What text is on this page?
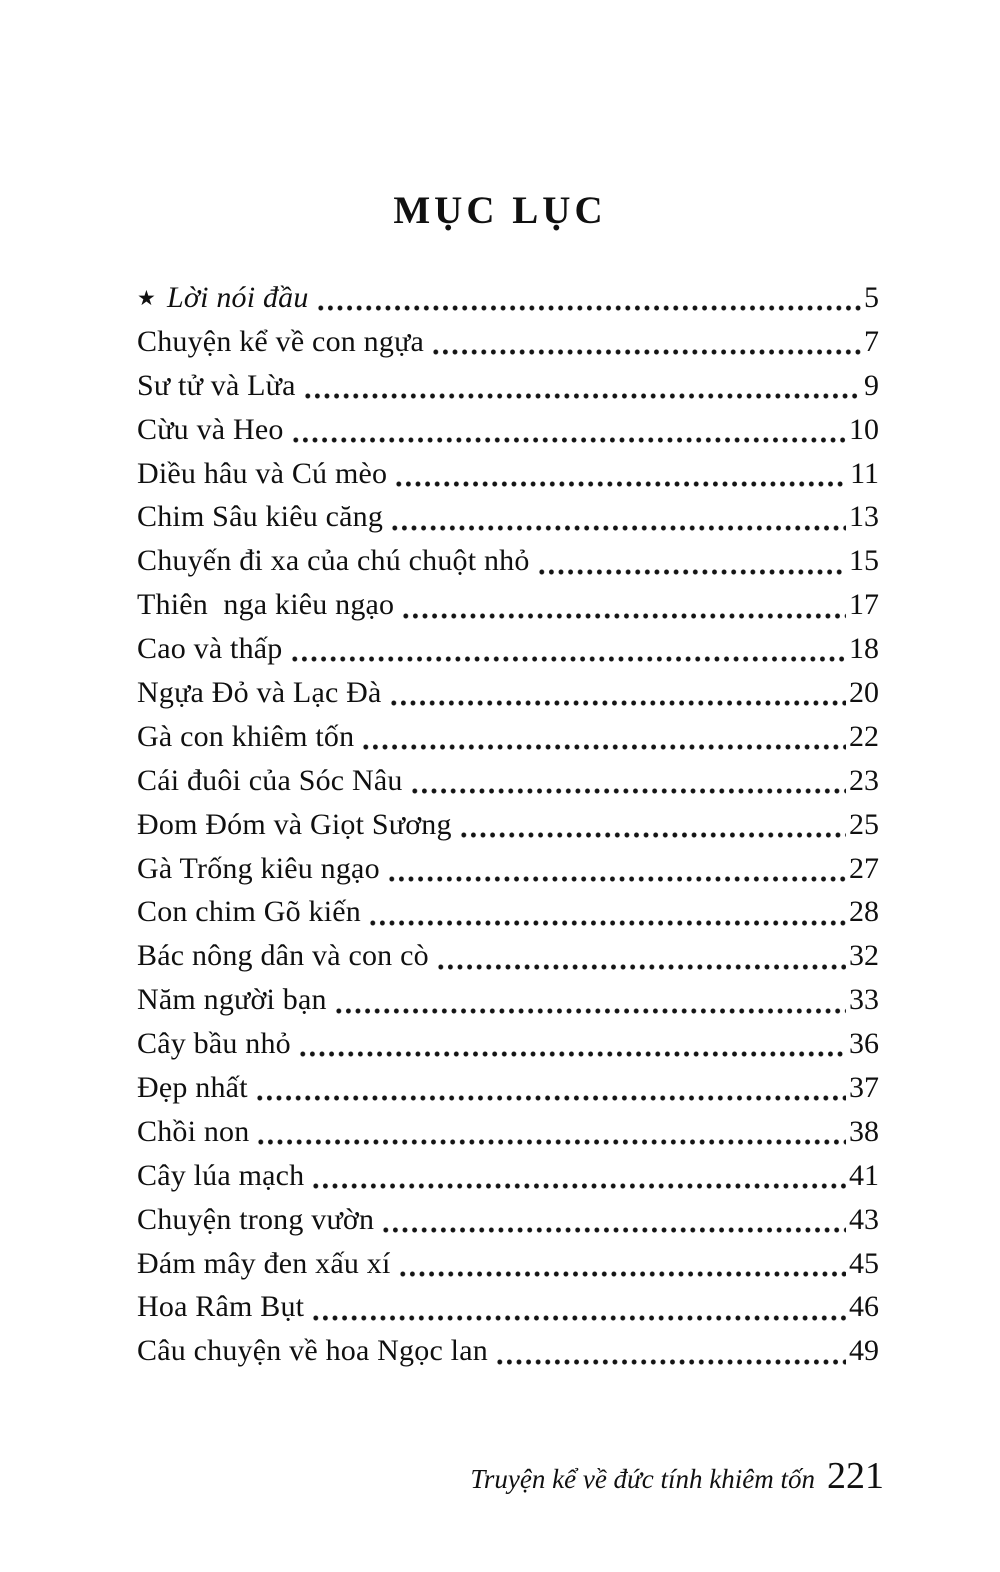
MỤC LỤC
★ Lời nói đầu	5
Chuyện kể về con ngựa	7
Sư tử và Lừa	9
Cừu và Heo	10
Diều hâu và Cú mèo	11
Chim Sâu kiêu căng	13
Chuyến đi xa của chú chuột nhỏ	15
Thiên  nga kiêu ngạo	17
Cao và thấp	18
Ngựa Đỏ và Lạc Đà	20
Gà con khiêm tốn	22
Cái đuôi của Sóc Nâu	23
Đom Đóm và Giọt Sương	25
Gà Trống kiêu ngạo	27
Con chim Gõ kiến	28
Bác nông dân và con cò	32
Năm người bạn	33
Cây bầu nhỏ	36
Đẹp nhất	37
Chồi non	38
Cây lúa mạch	41
Chuyện trong vườn	43
Đám mây đen xấu xí	45
Hoa Râm Bụt	46
Câu chuyện về hoa Ngọc lan	49
Truyện kể về đức tính khiêm tốn 221
